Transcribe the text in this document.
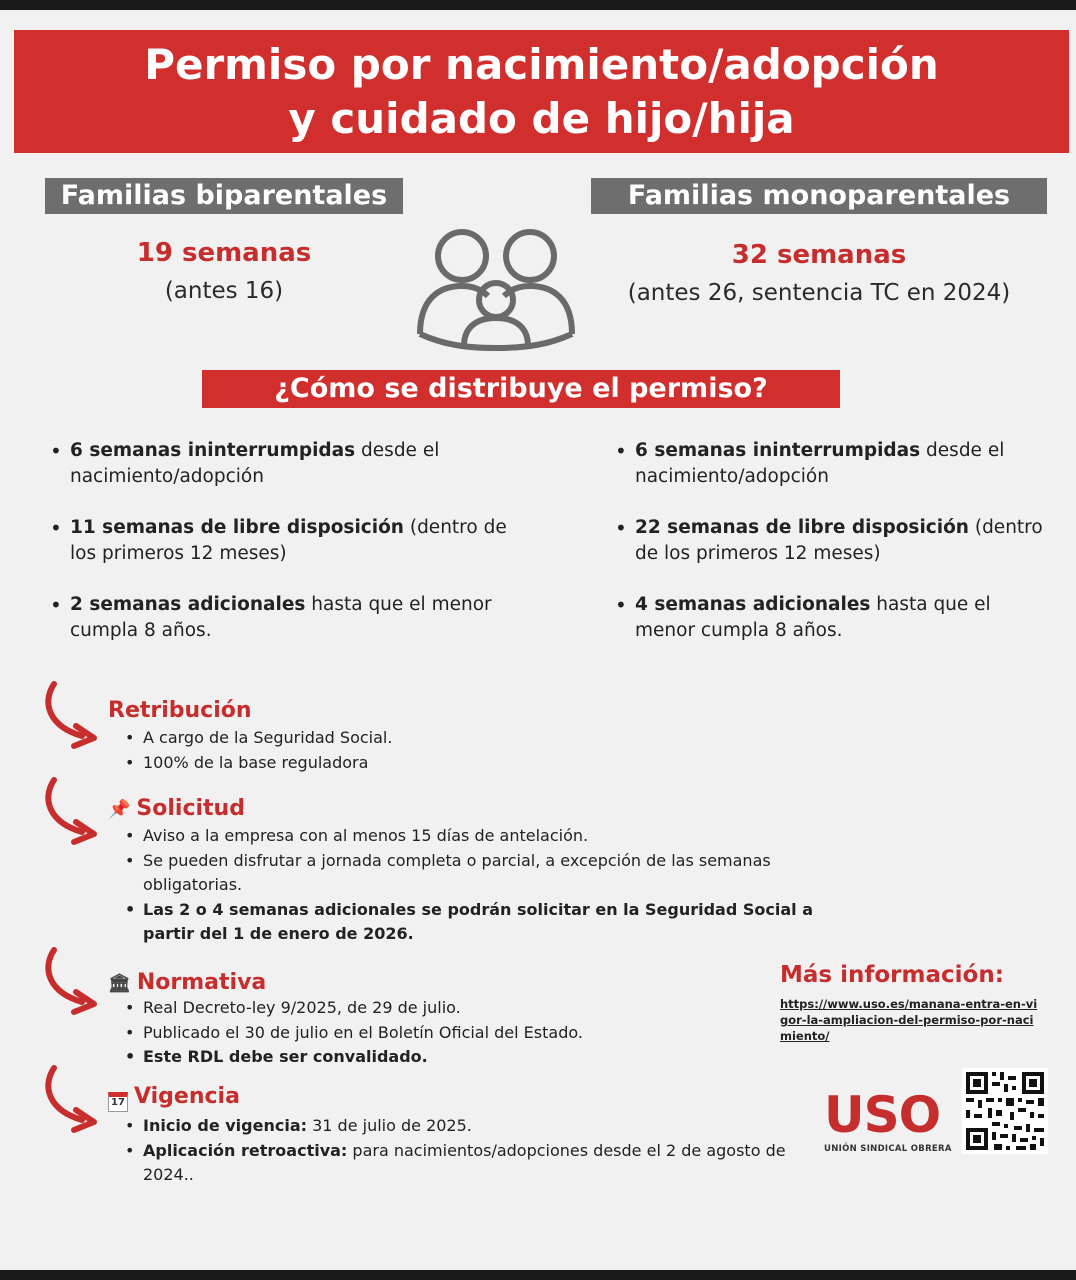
Permiso por nacimiento/adopción
y cuidado de hijo/hija
Familias biparentales	Familias monoparentales
19 semanas
(antes 16)
32 semanas
(antes 26, sentencia TC en 2024)
¿Cómo se distribuye el permiso?
• 6 semanas ininterrumpidas desde el nacimiento/adopción
• 11 semanas de libre disposición (dentro de los primeros 12 meses)
• 2 semanas adicionales hasta que el menor cumpla 8 años.
• 6 semanas ininterrumpidas desde el nacimiento/adopción
• 22 semanas de libre disposición (dentro de los primeros 12 meses)
• 4 semanas adicionales hasta que el menor cumpla 8 años.
Retribución
• A cargo de la Seguridad Social.
• 100% de la base reguladora
📌 Solicitud
• Aviso a la empresa con al menos 15 días de antelación.
• Se pueden disfrutar a jornada completa o parcial, a excepción de las semanas obligatorias.
• Las 2 o 4 semanas adicionales se podrán solicitar en la Seguridad Social a partir del 1 de enero de 2026.
🏛 Normativa
• Real Decreto-ley 9/2025, de 29 de julio.
• Publicado el 30 de julio en el Boletín Oficial del Estado.
• Este RDL debe ser convalidado.
17 Vigencia
• Inicio de vigencia: 31 de julio de 2025.
• Aplicación retroactiva: para nacimientos/adopciones desde el 2 de agosto de 2024..
Más información:
https://www.uso.es/manana-entra-en-vigor-la-ampliacion-del-permiso-por-nacimiento/
USO
UNIÓN SINDICAL OBRERA
